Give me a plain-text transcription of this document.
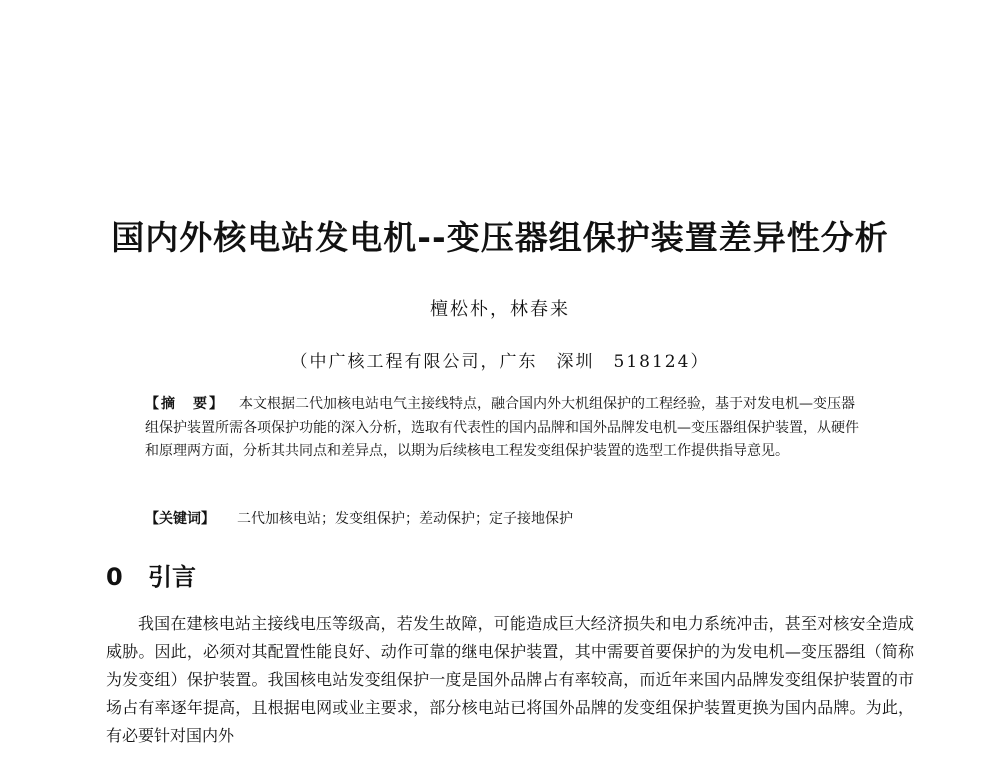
国内外核电站发电机--变压器组保护装置差异性分析
檀松朴，林春来
（中广核工程有限公司，广东　深圳　518124）

【摘　要】 本文根据二代加核电站电气主接线特点，融合国内外大机组保护的工程经验，基于对发电机—变压器组保护装置所需各项保护功能的深入分析，选取有代表性的国内品牌和国外品牌发电机—变压器组保护装置，从硬件和原理两方面，分析其共同点和差异点，以期为后续核电工程发变组保护装置的选型工作提供指导意见。

【关键词】 二代加核电站；发变组保护；差动保护；定子接地保护
0 引言

我国在建核电站主接线电压等级高，若发生故障，可能造成巨大经济损失和电力系统冲击，甚至对核安全造成威胁。因此，必须对其配置性能良好、动作可靠的继电保护装置，其中需要首要保护的为发电机—变压器组（简称为发变组）保护装置。我国核电站发变组保护一度是国外品牌占有率较高，而近年来国内品牌发变组保护装置的市场占有率逐年提高，且根据电网或业主要求，部分核电站已将国外品牌的发变组保护装置更换为国内品牌。为此，有必要针对国内外
